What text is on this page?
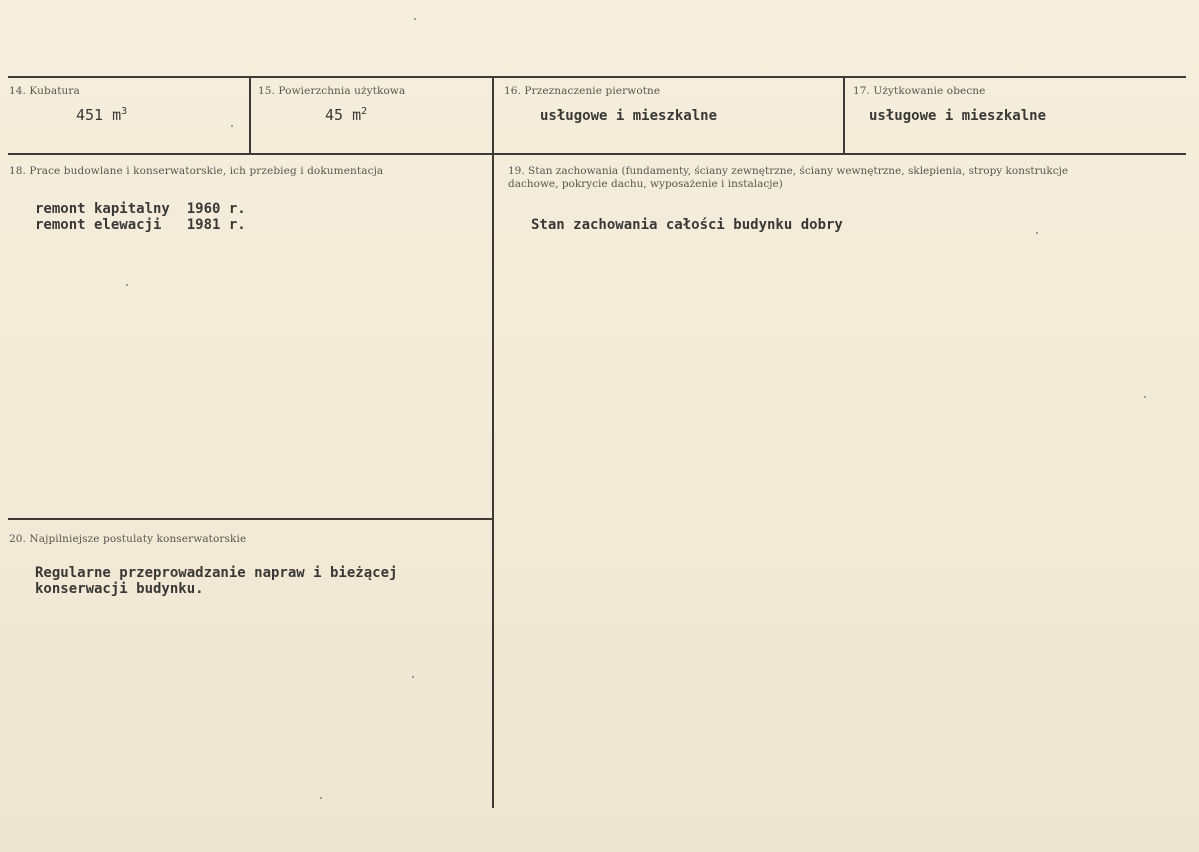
14. Kubatura
451 $m^3$
15. Powierzchnia użytkowa
45 $m^2$
16. Przeznaczenie pierwotne
usługowe i mieszkalne
17. Użytkowanie obecne
usługowe i mieszkalne
18. Prace budowlane i konserwatorskie, ich przebieg i dokumentacja
remont kapitalny  1960 r.
remont elewacji   1981 r.
19. Stan zachowania (fundamenty, ściany zewnętrzne, ściany wewnętrzne, sklepienia, stropy konstrukcje dachowe, pokrycie dachu, wyposażenie i instalacje)
Stan zachowania całości budynku dobry
20. Najpilniejsze postulaty konserwatorskie
Regularne przeprowadzanie napraw i bieżącej
konserwacji budynku.
